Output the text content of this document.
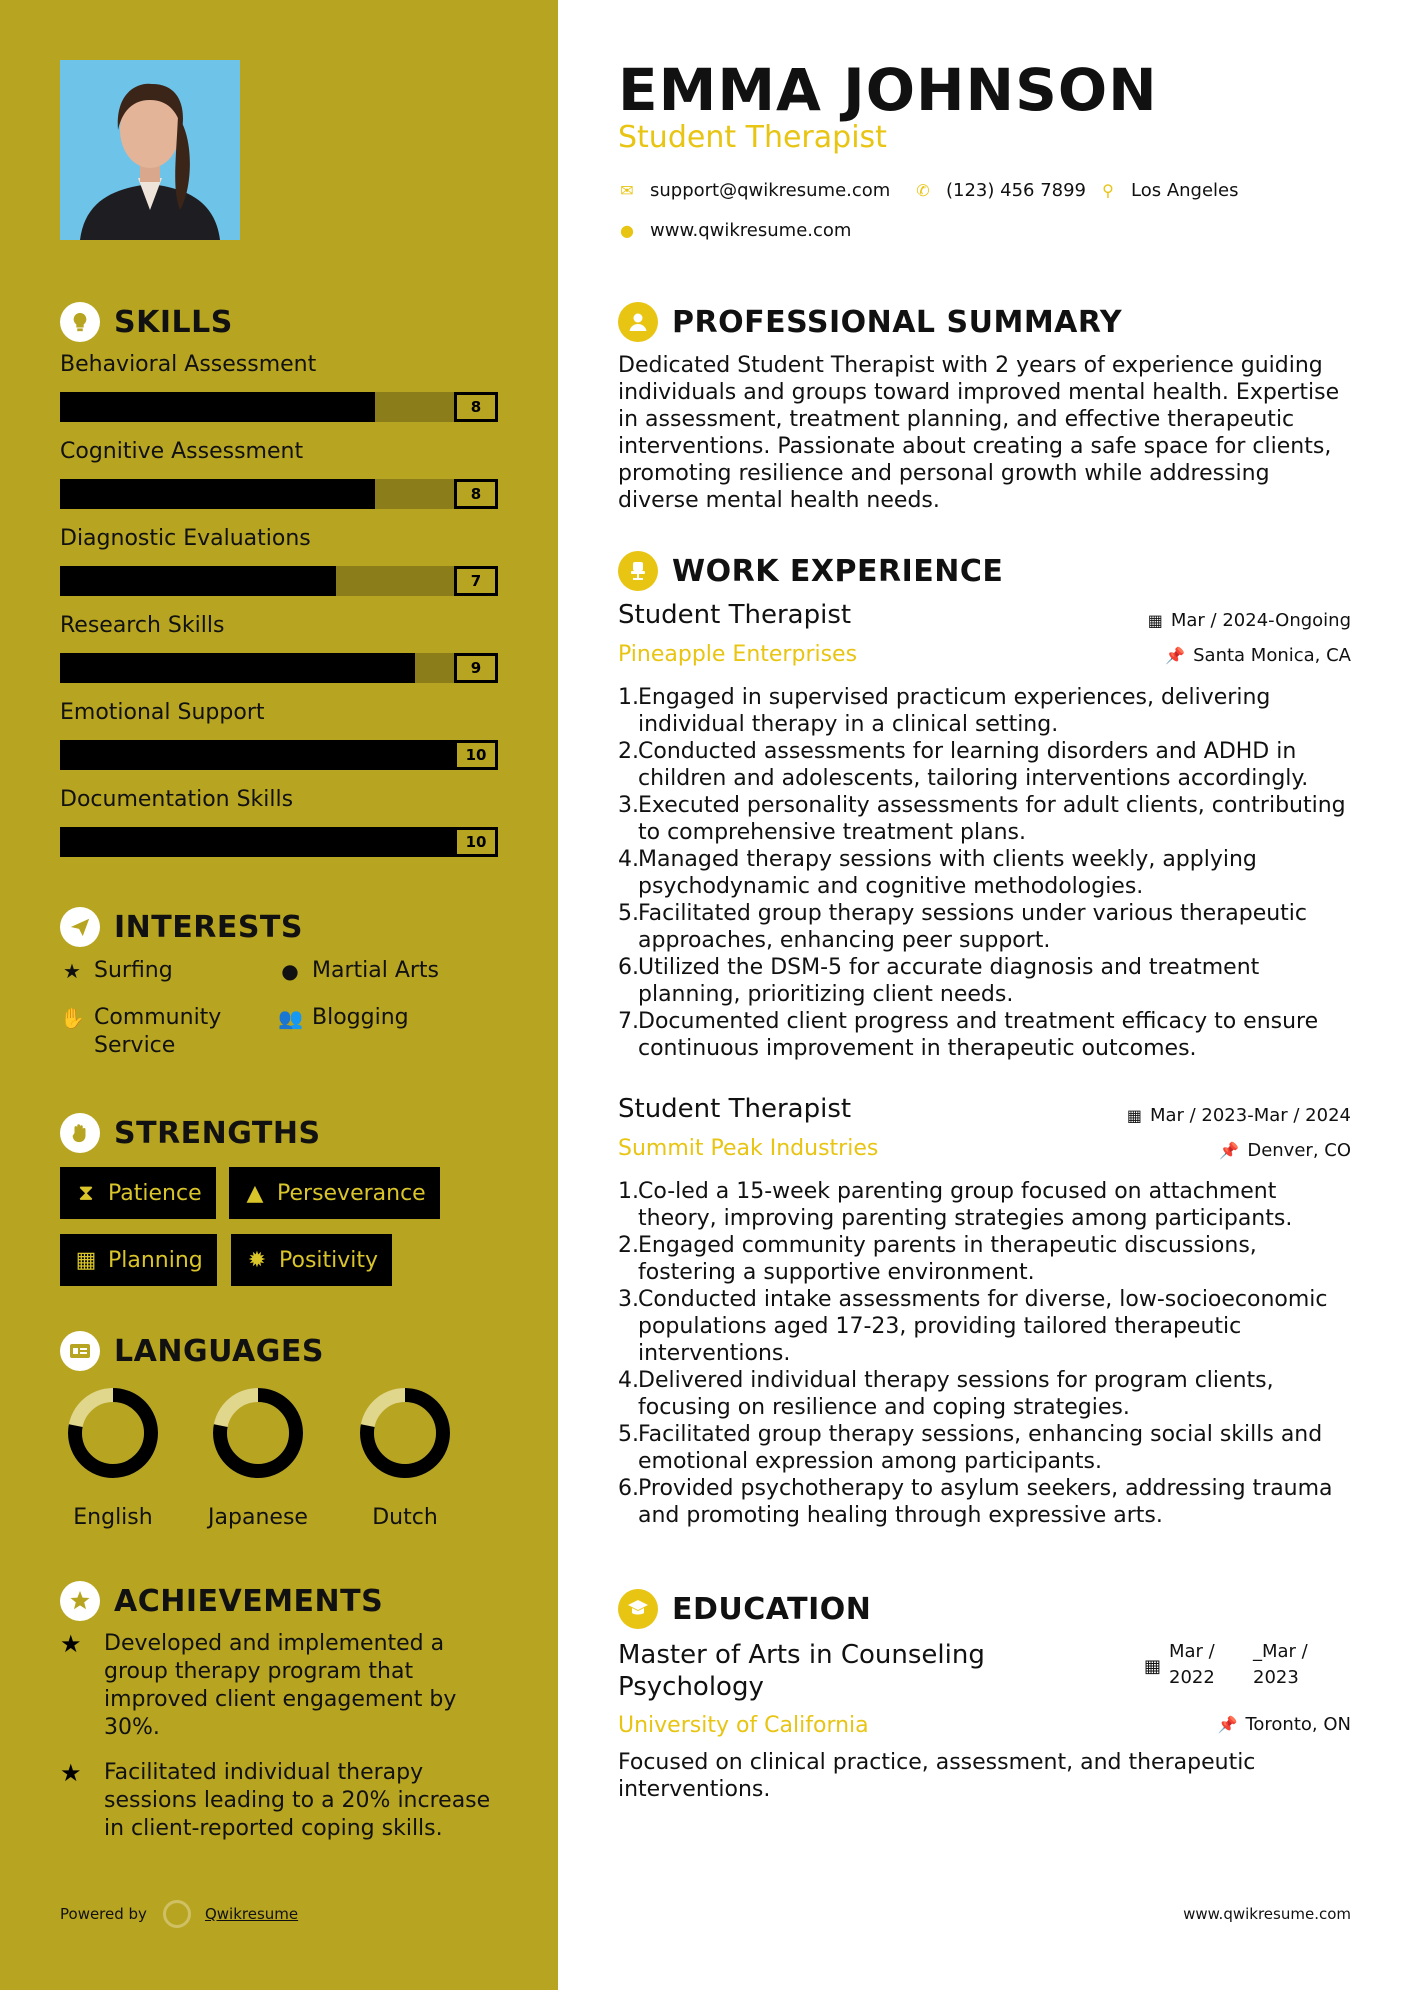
SKILLS
Behavioral Assessment
8
Cognitive Assessment
8
Diagnostic Evaluations
7
Research Skills
9
Emotional Support
10
Documentation Skills
10
INTERESTS
★ Surfing	● Martial Arts
✋ Community Service
👥 Blogging
STRENGTHS
⧗ Patience ▲ Perseverance
▦ Planning ✹ Positivity
LANGUAGES
English	Japanese	Dutch
ACHIEVEMENTS
★	Developed and implemented a group therapy program that improved client engagement by 30%.
★	Facilitated individual therapy sessions leading to a 20% increase in client-reported coping skills.
Powered by	Qwikresume
EMMA JOHNSON
Student Therapist
✉ support@qwikresume.com ✆ (123) 456 7899 ⚲ Los Angeles
● www.qwikresume.com
PROFESSIONAL SUMMARY
Dedicated Student Therapist with 2 years of experience guiding individuals and groups toward improved mental health. Expertise in assessment, treatment planning, and effective therapeutic interventions. Passionate about creating a safe space for clients, promoting resilience and personal growth while addressing diverse mental health needs.
WORK EXPERIENCE
Student Therapist	▦ Mar / 2024-Ongoing
Pineapple Enterprises	📌 Santa Monica, CA
1. Engaged in supervised practicum experiences, delivering individual therapy in a clinical setting.
2. Conducted assessments for learning disorders and ADHD in children and adolescents, tailoring interventions accordingly.
3. Executed personality assessments for adult clients, contributing to comprehensive treatment plans.
4. Managed therapy sessions with clients weekly, applying psychodynamic and cognitive methodologies.
5. Facilitated group therapy sessions under various therapeutic approaches, enhancing peer support.
6. Utilized the DSM-5 for accurate diagnosis and treatment planning, prioritizing client needs.
7. Documented client progress and treatment efficacy to ensure continuous improvement in therapeutic outcomes.
Student Therapist	▦ Mar / 2023-Mar / 2024
Summit Peak Industries	📌 Denver, CO
1. Co-led a 15-week parenting group focused on attachment theory, improving parenting strategies among participants.
2. Engaged community parents in therapeutic discussions, fostering a supportive environment.
3. Conducted intake assessments for diverse, low-socioeconomic populations aged 17-23, providing tailored therapeutic interventions.
4. Delivered individual therapy sessions for program clients, focusing on resilience and coping strategies.
5. Facilitated group therapy sessions, enhancing social skills and emotional expression among participants.
6. Provided psychotherapy to asylum seekers, addressing trauma and promoting healing through expressive arts.
EDUCATION
Master of Arts in Counseling
Psychology
▦
Mar /
2022
_Mar /
2023
University of California	📌 Toronto, ON
Focused on clinical practice, assessment, and therapeutic interventions.
www.qwikresume.com
